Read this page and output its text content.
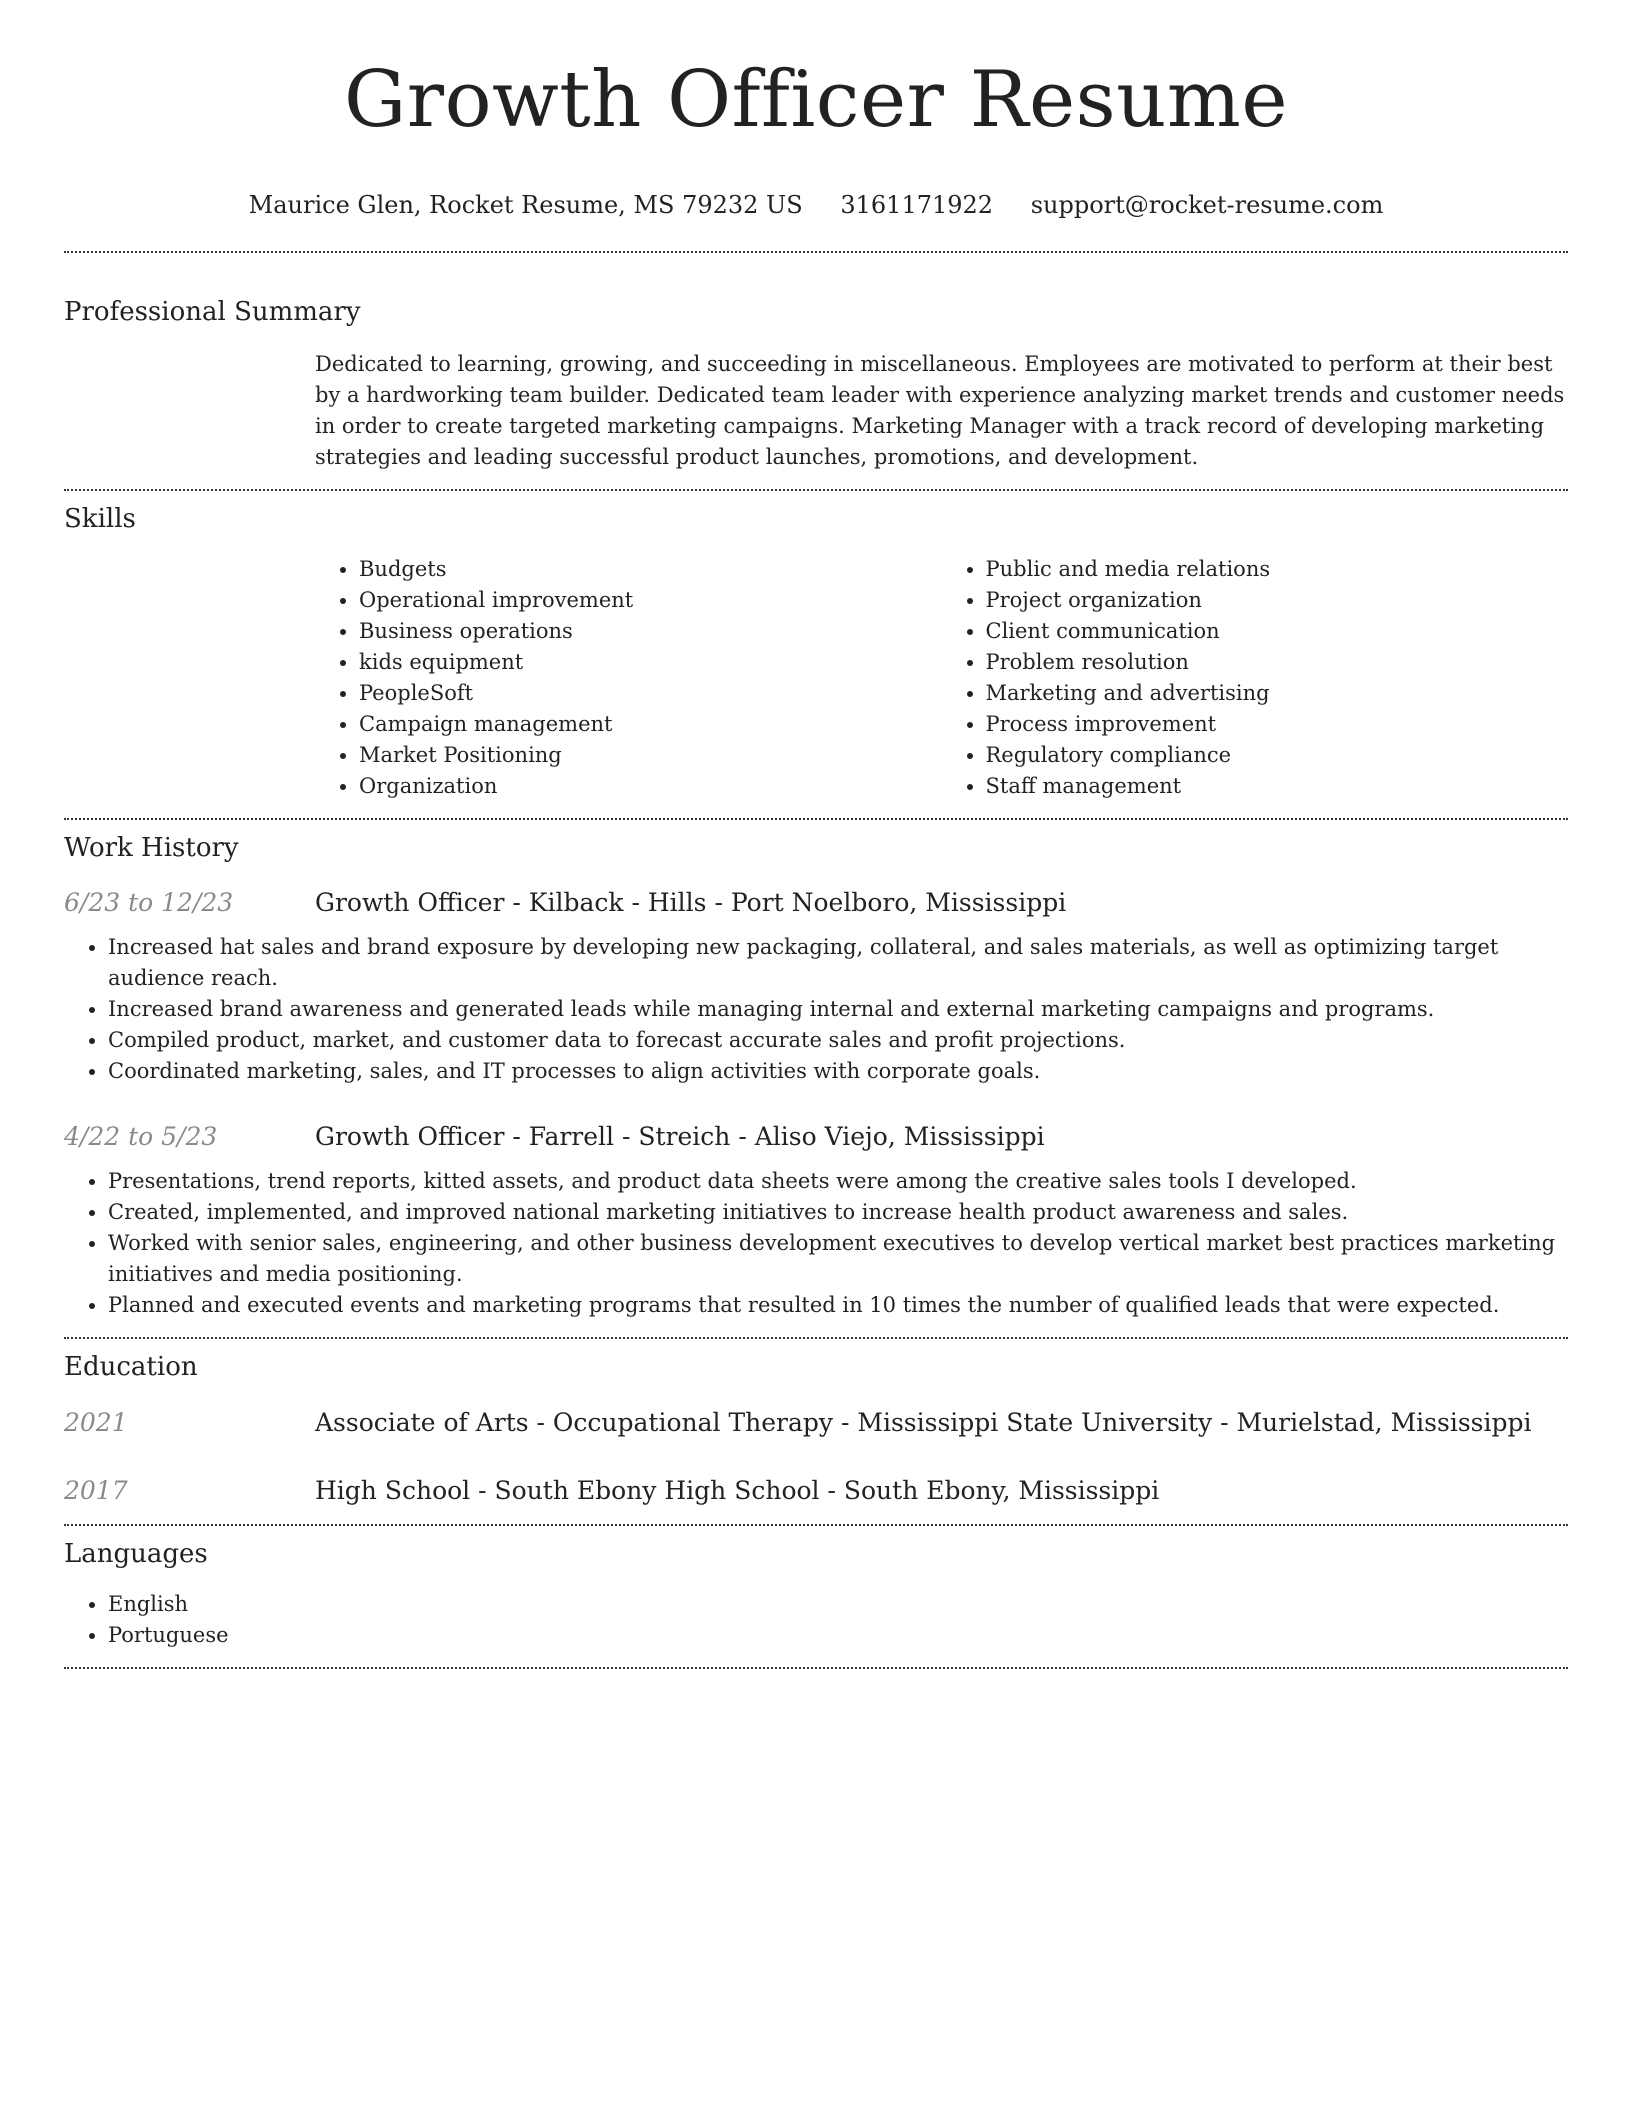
Growth Officer Resume
Maurice Glen, Rocket Resume, MS 79232 US 3161171922 support@rocket-resume.com
Professional Summary

Dedicated to learning, growing, and succeeding in miscellaneous. Employees are motivated to perform at their best by a hardworking team builder. Dedicated team leader with experience analyzing market trends and customer needs in order to create targeted marketing campaigns. Marketing Manager with a track record of developing marketing strategies and leading successful product launches, promotions, and development.

Skills
• Budgets
• Operational improvement
• Business operations
• kids equipment
• PeopleSoft
• Campaign management
• Market Positioning
• Organization
• Public and media relations
• Project organization
• Client communication
• Problem resolution
• Marketing and advertising
• Process improvement
• Regulatory compliance
• Staff management
Work History
6/23 to 12/23	Growth Officer - Kilback - Hills - Port Noelboro, Mississippi
• Increased hat sales and brand exposure by developing new packaging, collateral, and sales materials, as well as optimizing target audience reach.
• Increased brand awareness and generated leads while managing internal and external marketing campaigns and programs.
• Compiled product, market, and customer data to forecast accurate sales and profit projections.
• Coordinated marketing, sales, and IT processes to align activities with corporate goals.
4/22 to 5/23	Growth Officer - Farrell - Streich - Aliso Viejo, Mississippi
• Presentations, trend reports, kitted assets, and product data sheets were among the creative sales tools I developed.
• Created, implemented, and improved national marketing initiatives to increase health product awareness and sales.
• Worked with senior sales, engineering, and other business development executives to develop vertical market best practices marketing initiatives and media positioning.
• Planned and executed events and marketing programs that resulted in 10 times the number of qualified leads that were expected.
Education
2021	Associate of Arts - Occupational Therapy - Mississippi State University - Murielstad, Mississippi
2017	High School - South Ebony High School - South Ebony, Mississippi
Languages
• English
• Portuguese
